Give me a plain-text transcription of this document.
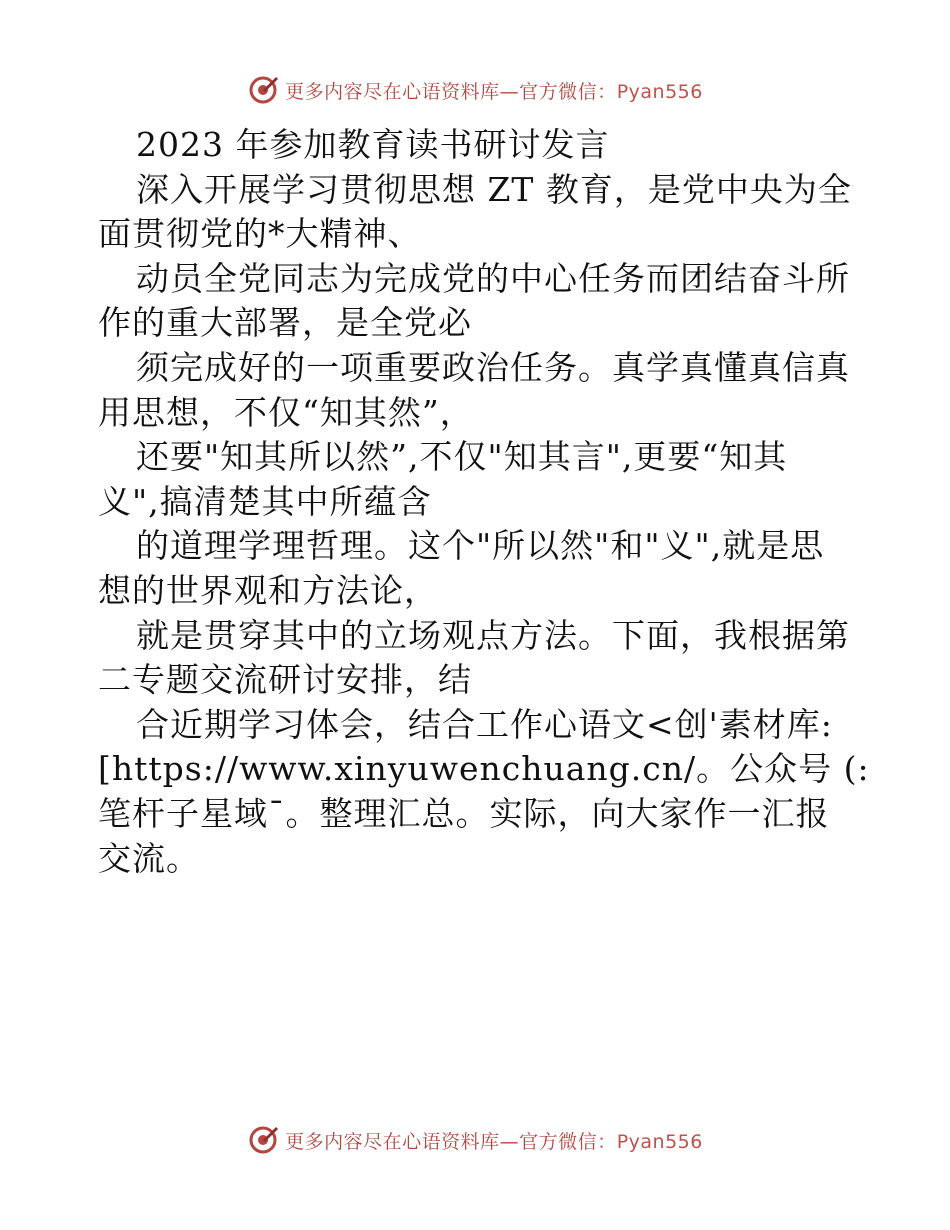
更多内容尽在心语资料库—官方微信：Pyan556
2023 年参加教育读书研讨发言
深入开展学习贯彻思想 ZT 教育，是党中央为全
面贯彻党的*大精神、
动员全党同志为完成党的中心任务而团结奋斗所
作的重大部署，是全党必
须完成好的一项重要政治任务。真学真懂真信真
用思想，不仅“知其然”，
还要"知其所以然”,不仅"知其言",更要“知其
义",搞清楚其中所蕴含
的道理学理哲理。这个"所以然"和"义",就是思
想的世界观和方法论，
就是贯穿其中的立场观点方法。下面，我根据第
二专题交流研讨安排，结
合近期学习体会，结合工作心语文<创'素材库:
[https://www.xinyuwenchuang.cn/。公众号 (:
笔杆子星域¯。整理汇总。实际，向大家作一汇报
交流。
更多内容尽在心语资料库—官方微信：Pyan556
